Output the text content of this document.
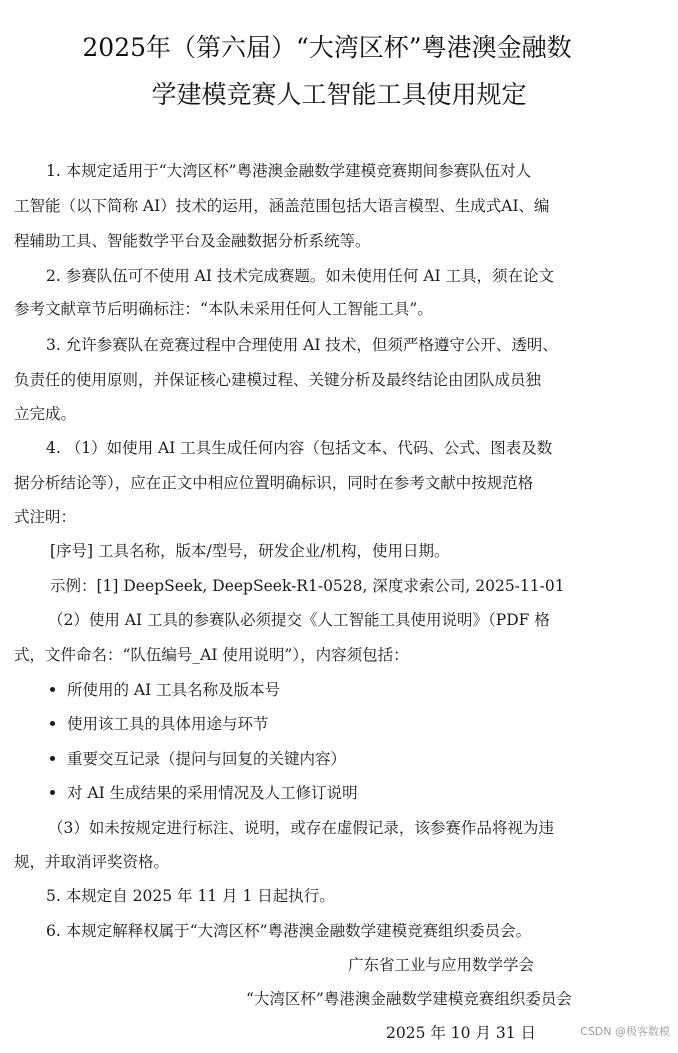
2025年（第六届）“大湾区杯”粤港澳金融数
学建模竞赛人工智能工具使用规定
1. 本规定适用于“大湾区杯”粤港澳金融数学建模竞赛期间参赛队伍对人
工智能（以下简称 AI）技术的运用，涵盖范围包括大语言模型、生成式AI、编
程辅助工具、智能数学平台及金融数据分析系统等。
2. 参赛队伍可不使用 AI 技术完成赛题。如未使用任何 AI 工具，须在论文
参考文献章节后明确标注：“本队未采用任何人工智能工具”。
3. 允许参赛队在竞赛过程中合理使用 AI 技术，但须严格遵守公开、透明、
负责任的使用原则，并保证核心建模过程、关键分析及最终结论由团队成员独
立完成。
4. （1）如使用 AI 工具生成任何内容（包括文本、代码、公式、图表及数
据分析结论等），应在正文中相应位置明确标识，同时在参考文献中按规范格
式注明：
[序号] 工具名称，版本/型号，研发企业/机构，使用日期。
示例：[1] DeepSeek, DeepSeek-R1-0528, 深度求索公司, 2025-11-01
（2）使用 AI 工具的参赛队必须提交《人工智能工具使用说明》（PDF 格
式，文件命名：“队伍编号_AI 使用说明”），内容须包括：
所使用的 AI 工具名称及版本号
使用该工具的具体用途与环节
重要交互记录（提问与回复的关键内容）
对 AI 生成结果的采用情况及人工修订说明
（3）如未按规定进行标注、说明，或存在虚假记录，该参赛作品将视为违
规，并取消评奖资格。
5. 本规定自 2025 年 11 月 1 日起执行。
6. 本规定解释权属于“大湾区杯”粤港澳金融数学建模竞赛组织委员会。
广东省工业与应用数学学会
“大湾区杯”粤港澳金融数学建模竞赛组织委员会
2025 年 10 月 31 日	CSDN @极客数模
